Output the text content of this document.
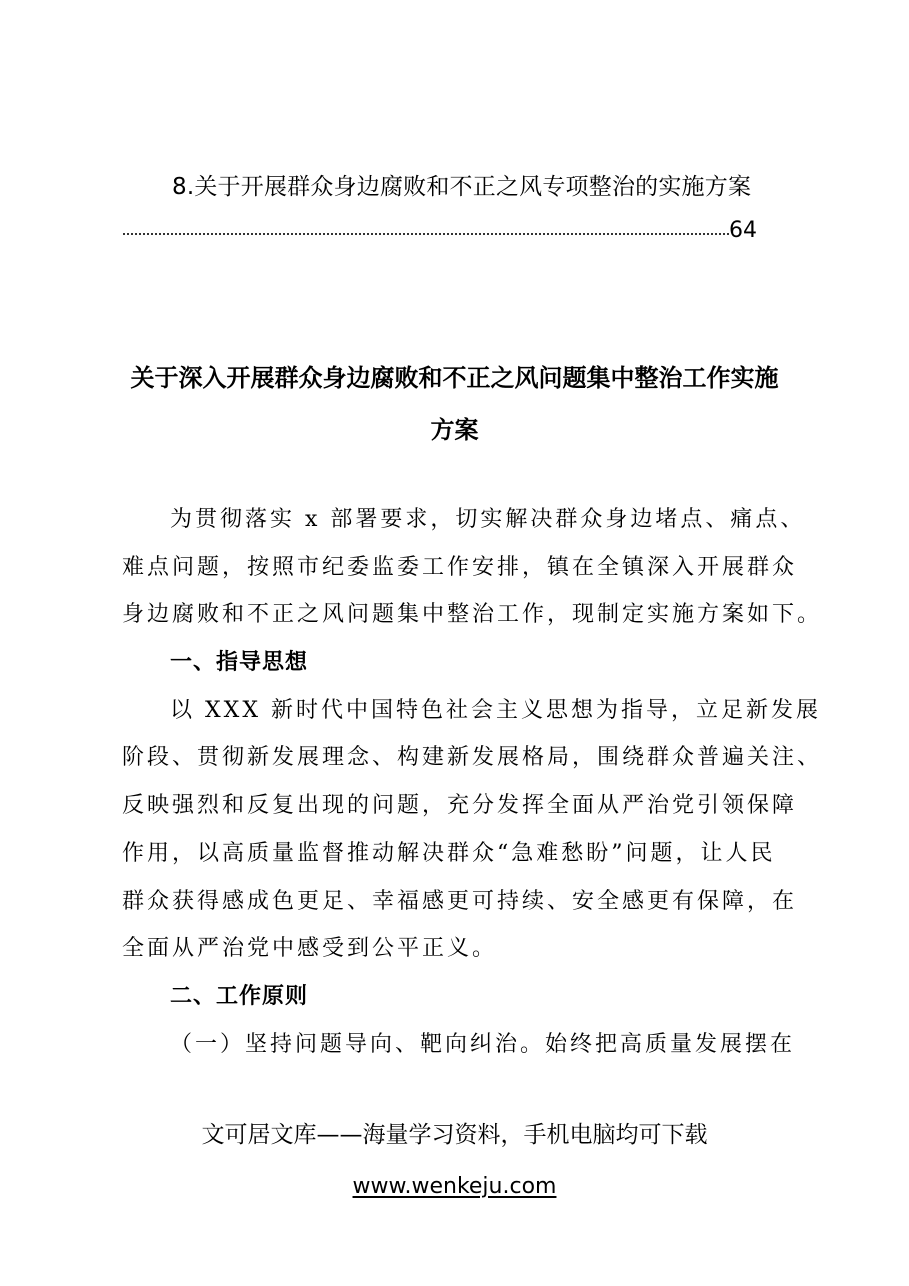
8.关于开展群众身边腐败和不正之风专项整治的实施方案
64
关于深入开展群众身边腐败和不正之风问题集中整治工作实施
方案
为贯彻落实 x 部署要求，切实解决群众身边堵点、痛点、
难点问题，按照市纪委监委工作安排，镇在全镇深入开展群众
身边腐败和不正之风问题集中整治工作，现制定实施方案如下。
一、指导思想
以 XXX 新时代中国特色社会主义思想为指导，立足新发展
阶段、贯彻新发展理念、构建新发展格局，围绕群众普遍关注、
反映强烈和反复出现的问题，充分发挥全面从严治党引领保障
作用，以高质量监督推动解决群众“急难愁盼”问题，让人民
群众获得感成色更足、幸福感更可持续、安全感更有保障，在
全面从严治党中感受到公平正义。
二、工作原则
（一）坚持问题导向、靶向纠治。始终把高质量发展摆在
文可居文库——海量学习资料，手机电脑均可下载
www.wenkeju.com
